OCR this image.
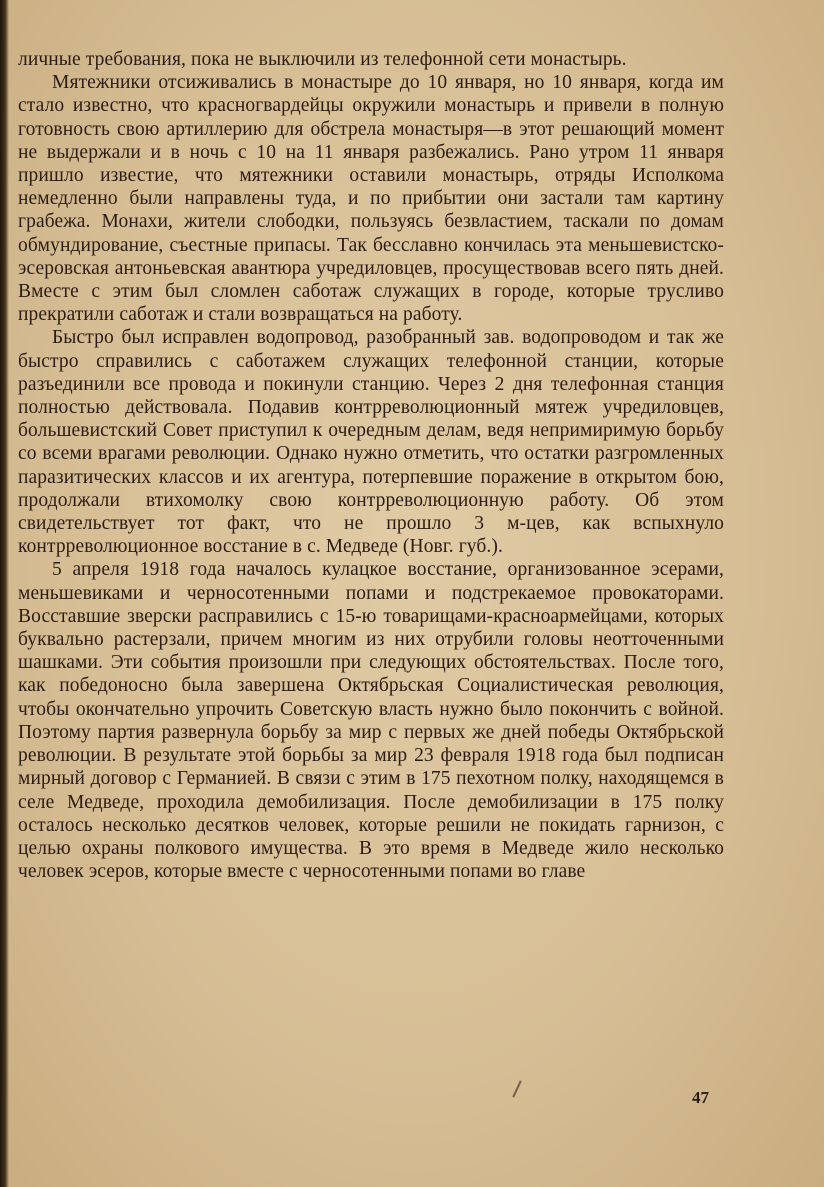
личные требования, пока не выключили из телефонной сети монастырь.

Мятежники отсиживались в монастыре до 10 января, но 10 января, когда им стало известно, что красногвардейцы окружили монастырь и привели в полную готовность свою артиллерию для обстрела монастыря—в этот решающий момент не выдержали и в ночь с 10 на 11 января разбежались. Рано утром 11 января пришло известие, что мятежники оставили монастырь, отряды Исполкома немедленно были направлены туда, и по прибытии они застали там картину грабежа. Монахи, жители слободки, пользуясь безвластием, таскали по домам обмундирование, съестные припасы. Так бесславно кончилась эта меньшевистско-эсеровская антоньевская авантюра учредиловцев, просуществовав всего пять дней. Вместе с этим был сломлен саботаж служащих в городе, которые трусливо прекратили саботаж и стали возвращаться на работу.

Быстро был исправлен водопровод, разобранный зав. водопроводом и так же быстро справились с саботажем служащих телефонной станции, которые разъединили все провода и покинули станцию. Через 2 дня телефонная станция полностью действовала. Подавив контрреволюционный мятеж учредиловцев, большевистский Совет приступил к очередным делам, ведя непримиримую борьбу со всеми врагами революции. Однако нужно отметить, что остатки разгромленных паразитических классов и их агентура, потерпевшие поражение в открытом бою, продолжали втихомолку свою контрреволюционную работу. Об этом свидетельствует тот факт, что не прошло 3 м-цев, как вспыхнуло контрреволюционное восстание в с. Медведе (Новг. губ.).

5 апреля 1918 года началось кулацкое восстание, организованное эсерами, меньшевиками и черносотенными попами и подстрекаемое провокаторами. Восставшие зверски расправились с 15-ю товарищами-красноармейцами, которых буквально растерзали, причем многим из них отрубили головы неотточенными шашками. Эти события произошли при следующих обстоятельствах. После того, как победоносно была завершена Октябрьская Социалистическая революция, чтобы окончательно упрочить Советскую власть нужно было покончить с войной. Поэтому партия развернула борьбу за мир с первых же дней победы Октябрьской революции. В результате этой борьбы за мир 23 февраля 1918 года был подписан мирный договор с Германией. В связи с этим в 175 пехотном полку, находящемся в селе Медведе, проходила демобилизация. После демобилизации в 175 полку осталось несколько десятков человек, которые решили не покидать гарнизон, с целью охраны полкового имущества. В это время в Медведе жило несколько человек эсеров, которые вместе с черносотенными попами во главе

47
